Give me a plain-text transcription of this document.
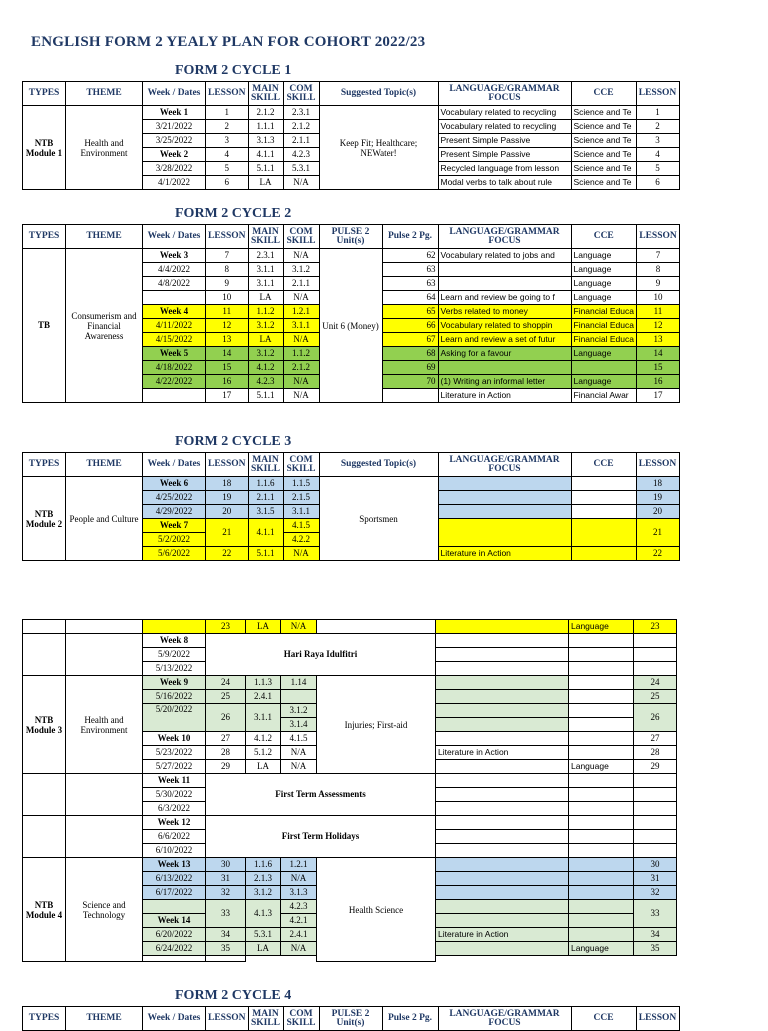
ENGLISH FORM 2 YEALY PLAN FOR COHORT 2022/23
FORM 2 CYCLE 1
TYPES	THEME	Week / Dates	LESSON	MAIN SKILL	COM SKILL	Suggested Topic(s)	LANGUAGE/GRAMMAR FOCUS	CCE	LESSON
NTB Module 1	Health and Environment	Week 1	1	2.1.2	2.3.1	Keep Fit; Healthcare; NEWater!	Vocabulary related to recycling	Science and Te	1
		3/21/2022	2	1.1.1	2.1.2		Vocabulary related to recycling	Science and Te	2
		3/25/2022	3	3.1.3	2.1.1		Present Simple Passive	Science and Te	3
		Week 2	4	4.1.1	4.2.3		Present Simple Passive	Science and Te	4
		3/28/2022	5	5.1.1	5.3.1		Recycled language from lesson	Science and Te	5
		4/1/2022	6	LA	N/A		Modal verbs to talk about rule	Science and Te	6
FORM 2 CYCLE 2
TYPES	THEME	Week / Dates	LESSON	MAIN SKILL	COM SKILL	PULSE 2 Unit(s)	Pulse 2 Pg.	LANGUAGE/GRAMMAR FOCUS	CCE	LESSON
TB	Consumerism and Financial Awareness	Week 3	7	2.3.1	N/A	Unit 6 (Money)	62	Vocabulary related to jobs and	Language	7
		4/4/2022	8	3.1.1	3.1.2		63		Language	8
		4/8/2022	9	3.1.1	2.1.1		63		Language	9
			10	LA	N/A		64	Learn and review be going to f	Language	10
		Week 4	11	1.1.2	1.2.1		65	Verbs related to money	Financial Educa	11
		4/11/2022	12	3.1.2	3.1.1		66	Vocabulary related to shoppin	Financial Educa	12
		4/15/2022	13	LA	N/A		67	Learn and review a set of futur	Financial Educa	13
		Week 5	14	3.1.2	1.1.2		68	Asking for a favour	Language	14
		4/18/2022	15	4.1.2	2.1.2		69			15
		4/22/2022	16	4.2.3	N/A		70	(1) Writing an informal letter	Language	16
			17	5.1.1	N/A			Literature in Action	Financial Awar	17
FORM 2 CYCLE 3
TYPES	THEME	Week / Dates	LESSON	MAIN SKILL	COM SKILL	Suggested Topic(s)	LANGUAGE/GRAMMAR FOCUS	CCE	LESSON
NTB Module 2	People and Culture	Week 6	18	1.1.6	1.1.5	Sportsmen			18
		4/25/2022	19	2.1.1	2.1.5				19
		4/29/2022	20	3.1.5	3.1.1				20
		Week 7	21	4.1.1	4.1.5				21
		5/2/2022			4.2.2				
		5/6/2022	22	5.1.1	N/A		Literature in Action		22
			23	LA	N/A			Language	23
		Week 8	Hari Raya Idulfitri						
		5/9/2022							
		5/13/2022							
NTB Module 3	Health and Environment	Week 9	24	1.1.3	1.14	Injuries; First-aid			24
		5/16/2022	25	2.4.1					25
		5/20/2022	26	3.1.1	3.1.2				26
					3.1.4				
		Week 10	27	4.1.2	4.1.5				27
		5/23/2022	28	5.1.2	N/A		Literature in Action		28
		5/27/2022	29	LA	N/A			Language	29
		Week 11	First Term Assessments						
		5/30/2022							
		6/3/2022							
		Week 12	First Term Holidays						
		6/6/2022							
		6/10/2022							
NTB Module 4	Science and Technology	Week 13	30	1.1.6	1.2.1	Health Science			30
		6/13/2022	31	2.1.3	N/A				31
		6/17/2022	32	3.1.2	3.1.3				32
			33	4.1.3	4.2.3				33
					4.2.1				
		Week 14							
		6/20/2022	34	5.3.1	2.4.1		Literature in Action		34
		6/24/2022	35	LA	N/A			Language	35

FORM 2 CYCLE 4
TYPES	THEME	Week / Dates	LESSON	MAIN SKILL	COM SKILL	PULSE 2 Unit(s)	Pulse 2 Pg.	LANGUAGE/GRAMMAR FOCUS	CCE	LESSON
